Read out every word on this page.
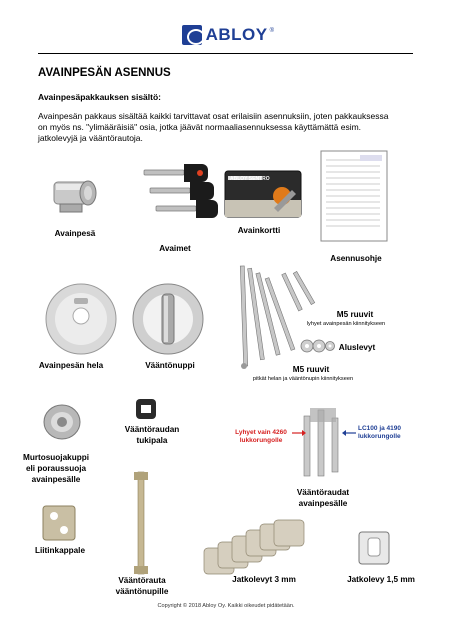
ABLOY ®
AVAINPESÄN ASENNUS
Avainpesäpakkauksen sisältö:
Avainpesän pakkaus sisältää kaikki tarvittavat osat erilaisiin asennuksiin, joten pakkauksessa on myös ns. "ylimääräisiä" osia, jotka jäävät normaaliasennuksessa käyttämättä esim. jatkolevyjä ja vääntörautoja.
ABLOY SENTRO
Avainpesä
Avaimet
Avainkortti
Asennusohje
Avainpesän hela	Vääntönuppi
M5 ruuvit
lyhyet avainpesän kiinnitykseen
Aluslevyt
M5 ruuvit
pitkät helan ja vääntönupin kiinnitykseen
Murtosuojakuppi
eli poraussuoja
avainpesälle
Vääntöraudan
tukipala
Lyhyet vain 4260
lukkorungolle
LC100 ja 4190
lukkorungolle
Vääntöraudat
avainpesälle
Liitinkappale
Vääntörauta
vääntönupille
Jatkolevyt 3 mm	Jatkolevy 1,5 mm
Copyright © 2018 Abloy Oy. Kaikki oikeudet pidätetään.
